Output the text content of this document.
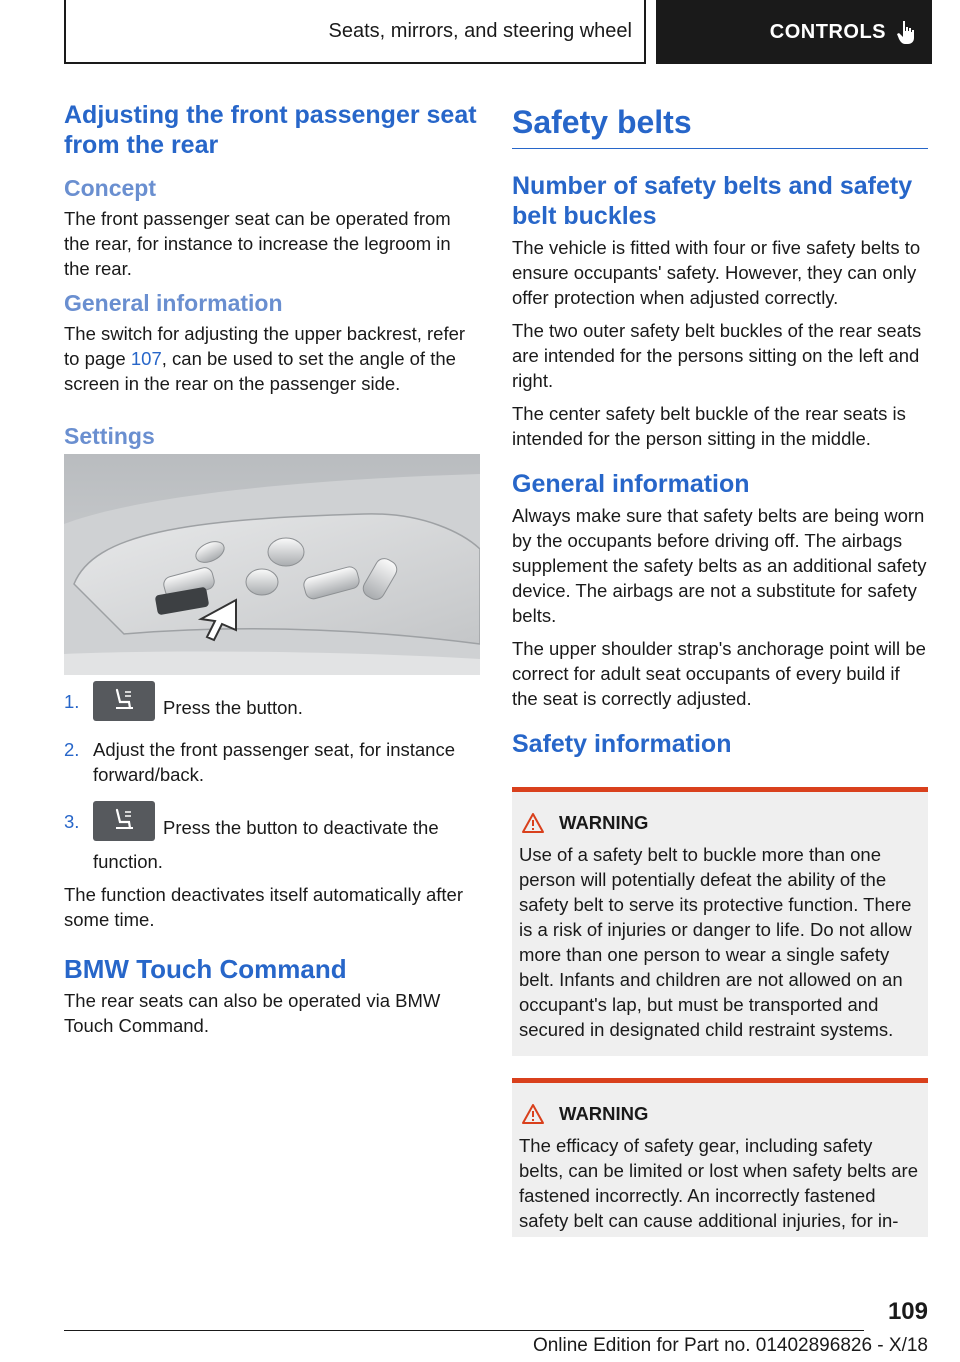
Seats, mirrors, and steering wheel	CONTROLS
Adjusting the front passenger seat from the rear
Concept

The front passenger seat can be operated from the rear, for instance to increase the legroom in the rear.

General information

The switch for adjusting the upper backrest, refer to page 107, can be used to set the angle of the screen in the rear on the passenger side.

Settings
1.	Press the button.
2. Adjust the front passenger seat, for instance forward/back.
3.	Press the button to deactivate the function.

The function deactivates itself automatically after some time.

BMW Touch Command

The rear seats can also be operated via BMW Touch Command.

Safety belts
Number of safety belts and safety belt buckles

The vehicle is fitted with four or five safety belts to ensure occupants' safety. However, they can only offer protection when adjusted correctly.

The two outer safety belt buckles of the rear seats are intended for the persons sitting on the left and right.

The center safety belt buckle of the rear seats is intended for the person sitting in the middle.

General information

Always make sure that safety belts are being worn by the occupants before driving off. The airbags supplement the safety belts as an additional safety device. The airbags are not a substitute for safety belts.

The upper shoulder strap's anchorage point will be correct for adult seat occupants of every build if the seat is correctly adjusted.

Safety information
WARNING

Use of a safety belt to buckle more than one person will potentially defeat the ability of the safety belt to serve its protective function. There is a risk of injuries or danger to life. Do not allow more than one person to wear a single safety belt. Infants and children are not allowed on an occupant's lap, but must be transported and secured in designated child restraint systems.

WARNING

The efficacy of safety gear, including safety belts, can be limited or lost when safety belts are fastened incorrectly. An incorrectly fastened safety belt can cause additional injuries, for in-

109
Online Edition for Part no. 01402896826 - X/18
